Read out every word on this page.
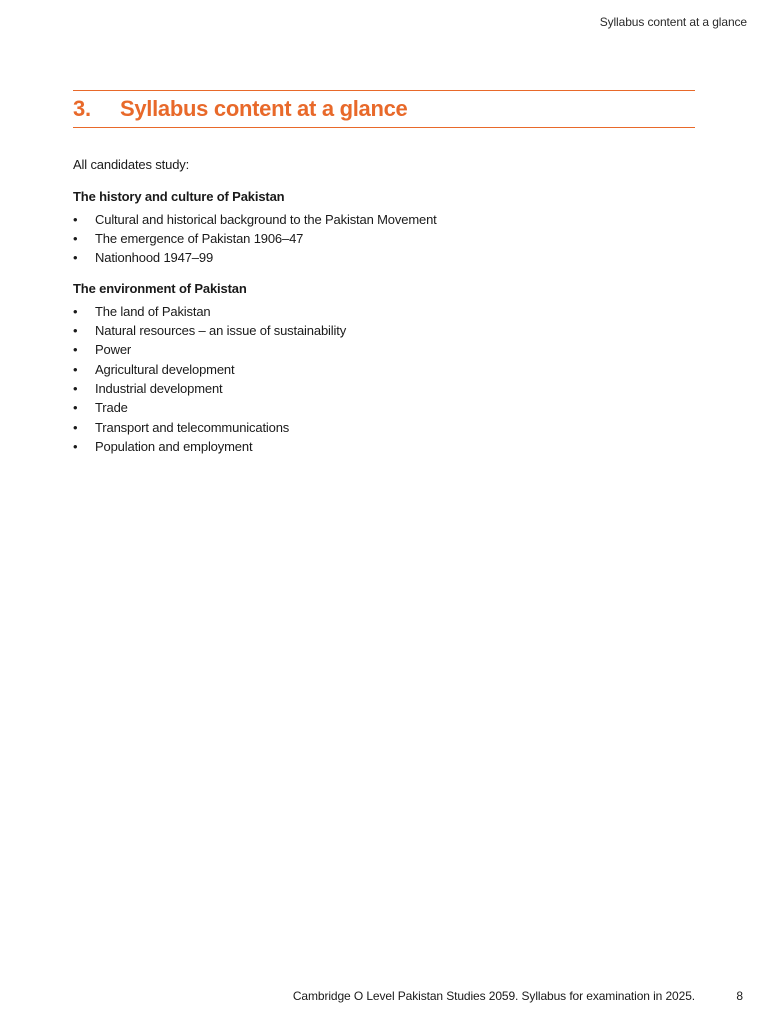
Syllabus content at a glance
3.	Syllabus content at a glance

All candidates study:

The history and culture of Pakistan
•	Cultural and historical background to the Pakistan Movement
•	The emergence of Pakistan 1906–47
•	Nationhood 1947–99
The environment of Pakistan
•	The land of Pakistan
•	Natural resources – an issue of sustainability
•	Power
•	Agricultural development
•	Industrial development
•	Trade
•	Transport and telecommunications
•	Population and employment
Cambridge O Level Pakistan Studies 2059. Syllabus for examination in 2025.	8
